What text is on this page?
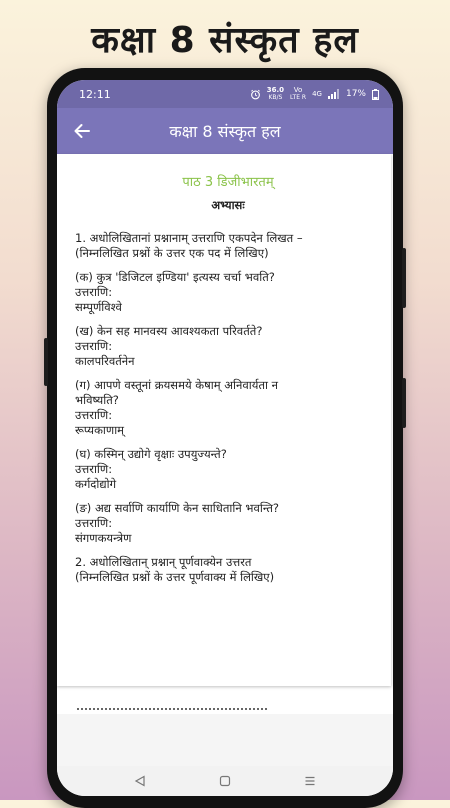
कक्षा 8 संस्कृत हल
12:11	36.0
KB/S
Vo
LTE R 4G	17%
कक्षा 8 संस्कृत हल
पाठ 3 डिजीभारतम्
अभ्यासः
1. अधोलिखितानां प्रश्नानाम् उत्तराणि एकपदेन लिखत –
(निम्नलिखित प्रश्नों के उत्तर एक पद में लिखिए)
(क) कुत्र 'डिजिटल इण्डिया' इत्यस्य चर्चा भवति?
उत्तराणि:
सम्पूर्णविश्वे
(ख) केन सह मानवस्य आवश्यकता परिवर्तते?
उत्तराणि:
कालपरिवर्तनेन
(ग) आपणे वस्तूनां क्रयसमये केषाम् अनिवार्यता न
भविष्यति?
उत्तराणि:
रूप्यकाणाम्
(घ) कस्मिन् उद्योगे वृक्षाः उपयुज्यन्ते?
उत्तराणि:
कर्गदोद्योगे
(ङ) अद्य सर्वाणि कार्याणि केन साधितानि भवन्ति?
उत्तराणि:
संगणकयन्त्रेण
2. अधोलिखितान् प्रश्नान् पूर्णवाक्येन उत्तरत
(निम्नलिखित प्रश्नों के उत्तर पूर्णवाक्य में लिखिए)
